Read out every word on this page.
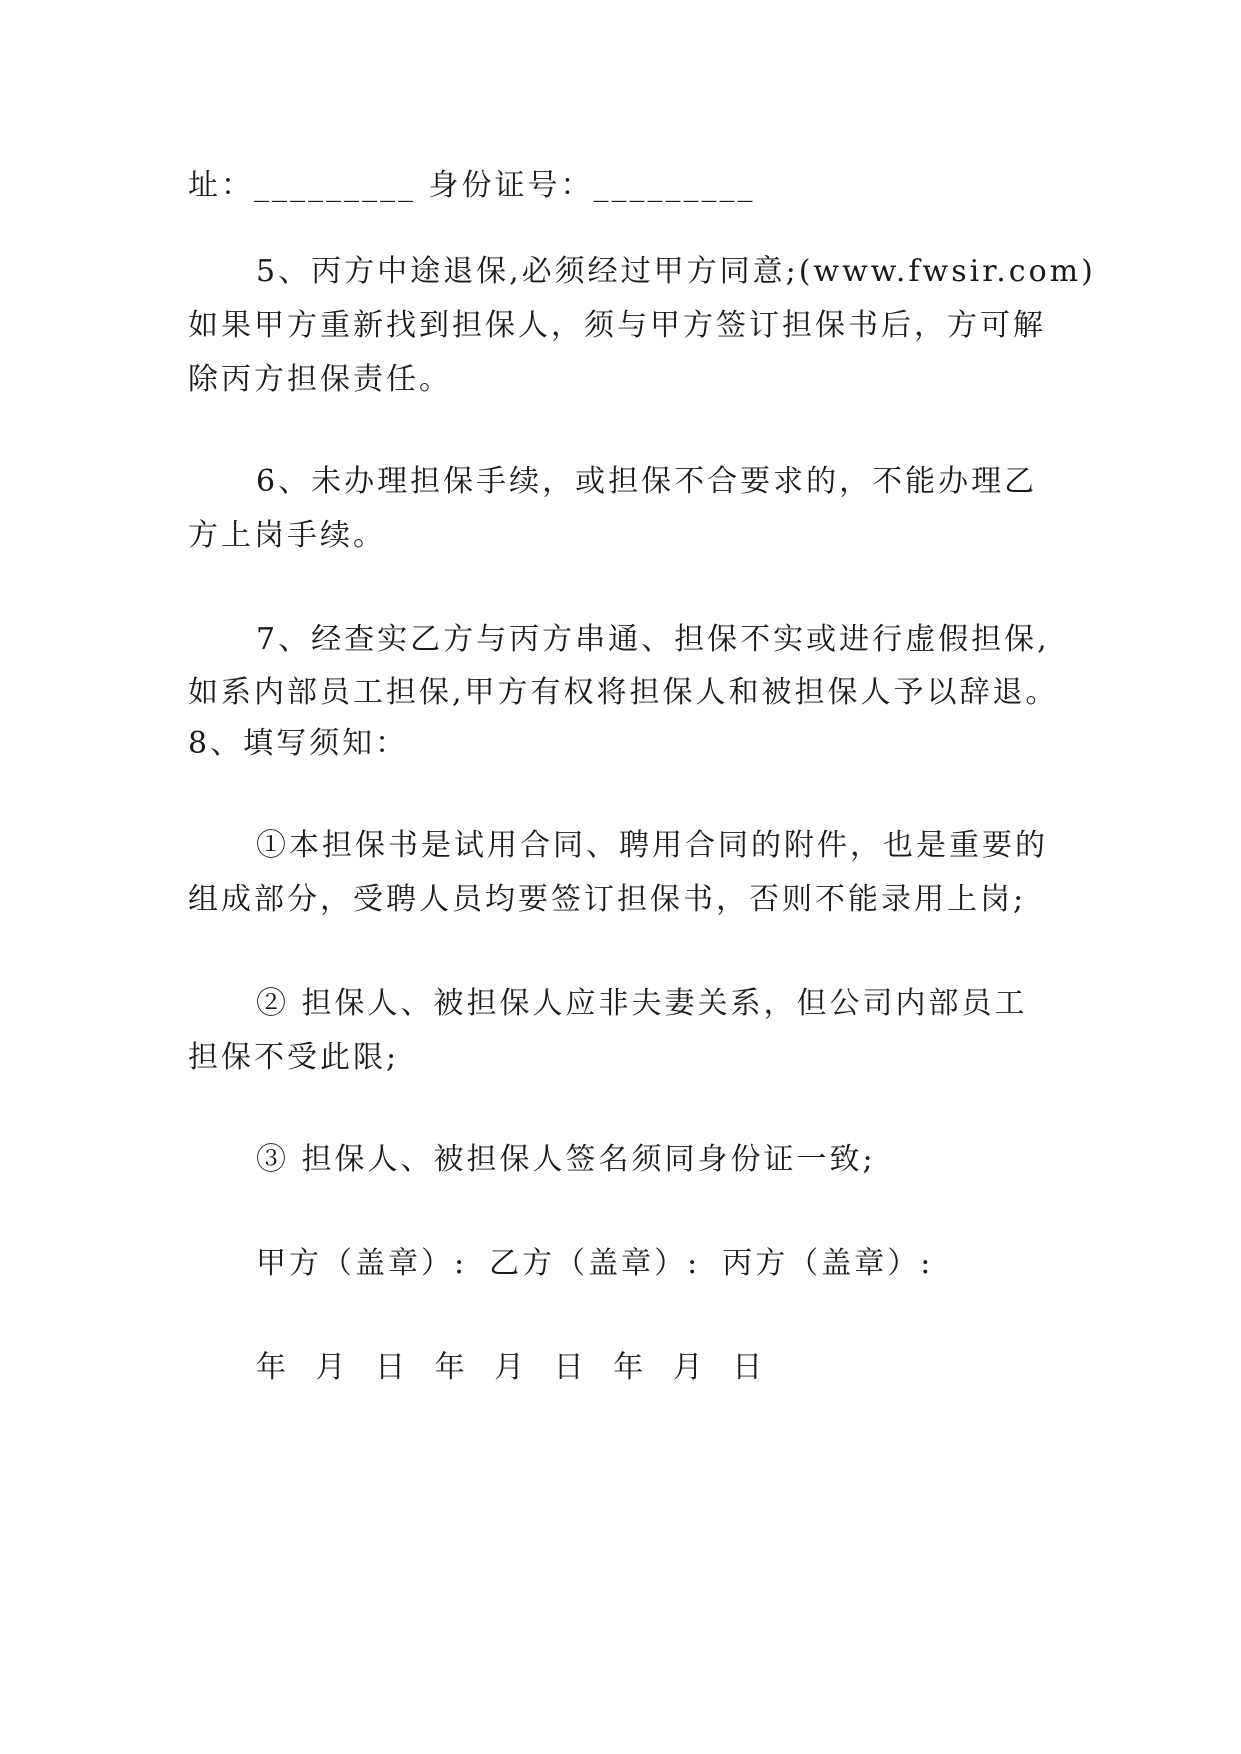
址：_________ 身份证号：_________
5、丙方中途退保,必须经过甲方同意;(www.fwsir.com)
如果甲方重新找到担保人，须与甲方签订担保书后，方可解
除丙方担保责任。
6、未办理担保手续，或担保不合要求的，不能办理乙
方上岗手续。
7、经查实乙方与丙方串通、担保不实或进行虚假担保,
如系内部员工担保,甲方有权将担保人和被担保人予以辞退。
8、填写须知：
①本担保书是试用合同、聘用合同的附件，也是重要的
组成部分，受聘人员均要签订担保书，否则不能录用上岗;
② 担保人、被担保人应非夫妻关系，但公司内部员工
担保不受此限;
③ 担保人、被担保人签名须同身份证一致;
甲方（盖章）: 乙方（盖章）: 丙方（盖章）:
年 月 日 年 月 日 年 月 日
